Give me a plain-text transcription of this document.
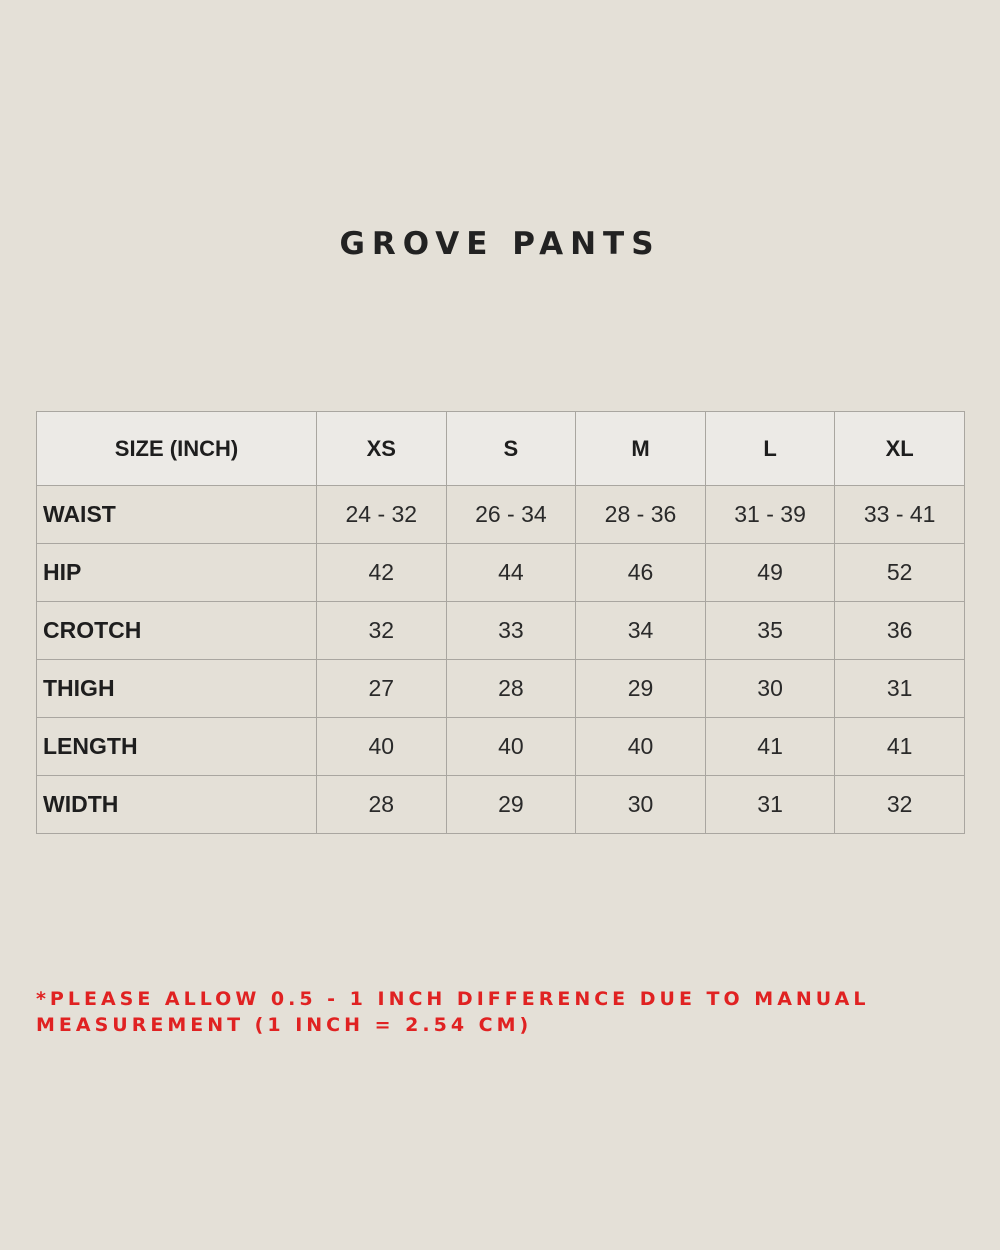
GROVE PANTS
SIZE (INCH)	XS	S	M	L	XL
WAIST	24 - 32	26 - 34	28 - 36	31 - 39	33 - 41
HIP	42	44	46	49	52
CROTCH	32	33	34	35	36
THIGH	27	28	29	30	31
LENGTH	40	40	40	41	41
WIDTH	28	29	30	31	32
*PLEASE ALLOW 0.5 - 1 INCH DIFFERENCE DUE TO MANUAL
MEASUREMENT (1 INCH = 2.54 CM)
